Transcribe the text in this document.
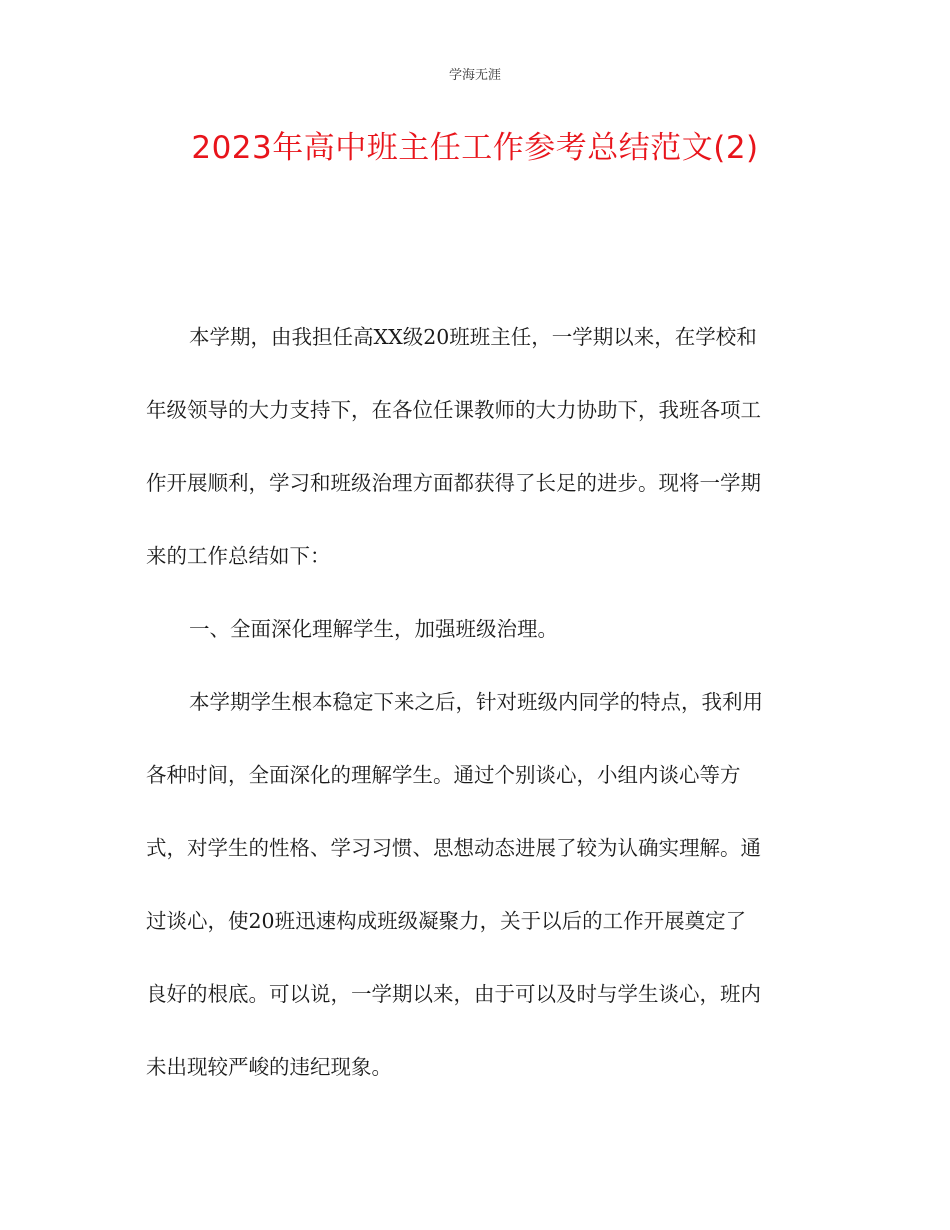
学海无涯
2023年高中班主任工作参考总结范文(2)
本学期，由我担任高XX级20班班主任，一学期以来，在学校和
年级领导的大力支持下，在各位任课教师的大力协助下，我班各项工
作开展顺利，学习和班级治理方面都获得了长足的进步。现将一学期
来的工作总结如下：
一、全面深化理解学生，加强班级治理。
本学期学生根本稳定下来之后，针对班级内同学的特点，我利用
各种时间，全面深化的理解学生。通过个别谈心，小组内谈心等方
式，对学生的性格、学习习惯、思想动态进展了较为认确实理解。通
过谈心，使20班迅速构成班级凝聚力，关于以后的工作开展奠定了
良好的根底。可以说，一学期以来，由于可以及时与学生谈心，班内
未出现较严峻的违纪现象。
